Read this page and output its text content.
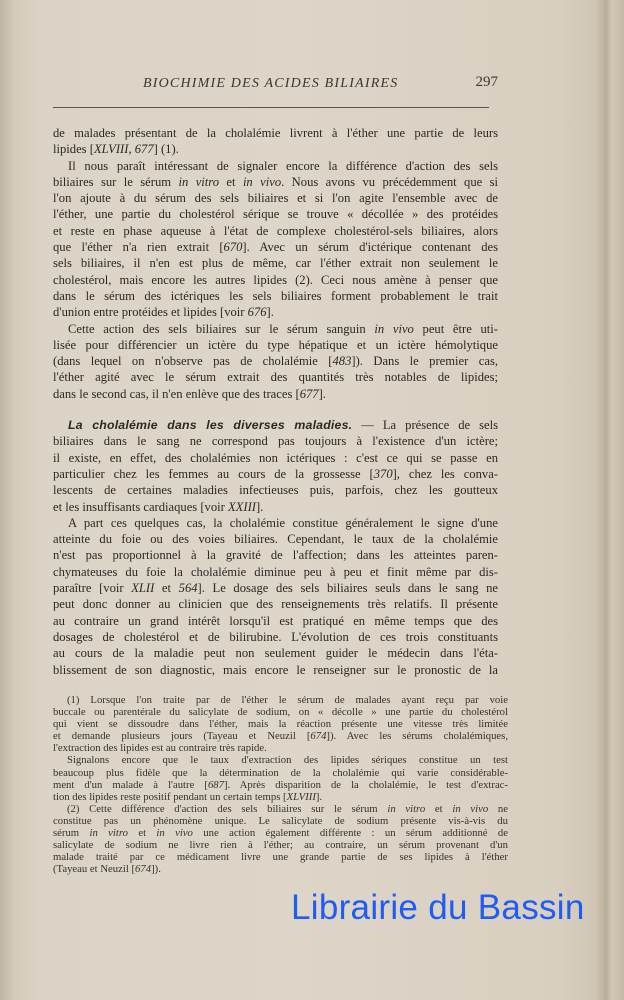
BIOCHIMIE DES ACIDES BILIAIRES	297
de malades présentant de la cholalémie livrent à l'éther une partie de leurs
lipides [XLVIII, 677] (1).
Il nous paraît intéressant de signaler encore la différence d'action des sels
biliaires sur le sérum in vitro et in vivo. Nous avons vu précédemment que si
l'on ajoute à du sérum des sels biliaires et si l'on agite l'ensemble avec de
l'éther, une partie du cholestérol sérique se trouve « décollée » des protéides
et reste en phase aqueuse à l'état de complexe cholestérol-sels biliaires, alors
que l'éther n'a rien extrait [670]. Avec un sérum d'ictérique contenant des
sels biliaires, il n'en est plus de même, car l'éther extrait non seulement le
cholestérol, mais encore les autres lipides (2). Ceci nous amène à penser que
dans le sérum des ictériques les sels biliaires forment probablement le trait
d'union entre protéides et lipides [voir 676].
Cette action des sels biliaires sur le sérum sanguin in vivo peut être uti-
lisée pour différencier un ictère du type hépatique et un ictère hémolytique
(dans lequel on n'observe pas de cholalémie [483]). Dans le premier cas,
l'éther agité avec le sérum extrait des quantités très notables de lipides;
dans le second cas, il n'en enlève que des traces [677].
La cholalémie dans les diverses maladies. — La présence de sels
biliaires dans le sang ne correspond pas toujours à l'existence d'un ictère;
il existe, en effet, des cholalémies non ictériques : c'est ce qui se passe en
particulier chez les femmes au cours de la grossesse [370], chez les conva-
lescents de certaines maladies infectieuses puis, parfois, chez les goutteux
et les insuffisants cardiaques [voir XXIII].
A part ces quelques cas, la cholalémie constitue généralement le signe d'une
atteinte du foie ou des voies biliaires. Cependant, le taux de la cholalémie
n'est pas proportionnel à la gravité de l'affection; dans les atteintes paren-
chymateuses du foie la cholalémie diminue peu à peu et finit même par dis-
paraître [voir XLII et 564]. Le dosage des sels biliaires seuls dans le sang ne
peut donc donner au clinicien que des renseignements très relatifs. Il présente
au contraire un grand intérêt lorsqu'il est pratiqué en même temps que des
dosages de cholestérol et de bilirubine. L'évolution de ces trois constituants
au cours de la maladie peut non seulement guider le médecin dans l'éta-
blissement de son diagnostic, mais encore le renseigner sur le pronostic de la
(1) Lorsque l'on traite par de l'éther le sérum de malades ayant reçu par voie
buccale ou parentérale du salicylate de sodium, on « décolle » une partie du cholestérol
qui vient se dissoudre dans l'éther, mais la réaction présente une vitesse très limitée
et demande plusieurs jours (Tayeau et Neuzil [674]). Avec les sérums cholalémiques,
l'extraction des lipides est au contraire très rapide.
Signalons encore que le taux d'extraction des lipides sériques constitue un test
beaucoup plus fidèle que la détermination de la cholalémie qui varie considérable-
ment d'un malade à l'autre [687]. Après disparition de la cholalémie, le test d'extrac-
tion des lipides reste positif pendant un certain temps [XLVIII].
(2) Cette différence d'action des sels biliaires sur le sérum in vitro et in vivo ne
constitue pas un phénomène unique. Le salicylate de sodium présente vis-à-vis du
sérum in vitro et in vivo une action également différente : un sérum additionné de
salicylate de sodium ne livre rien à l'éther; au contraire, un sérum provenant d'un
malade traité par ce médicament livre une grande partie de ses lipides à l'éther
(Tayeau et Neuzil [674]).
Librairie du Bassin
